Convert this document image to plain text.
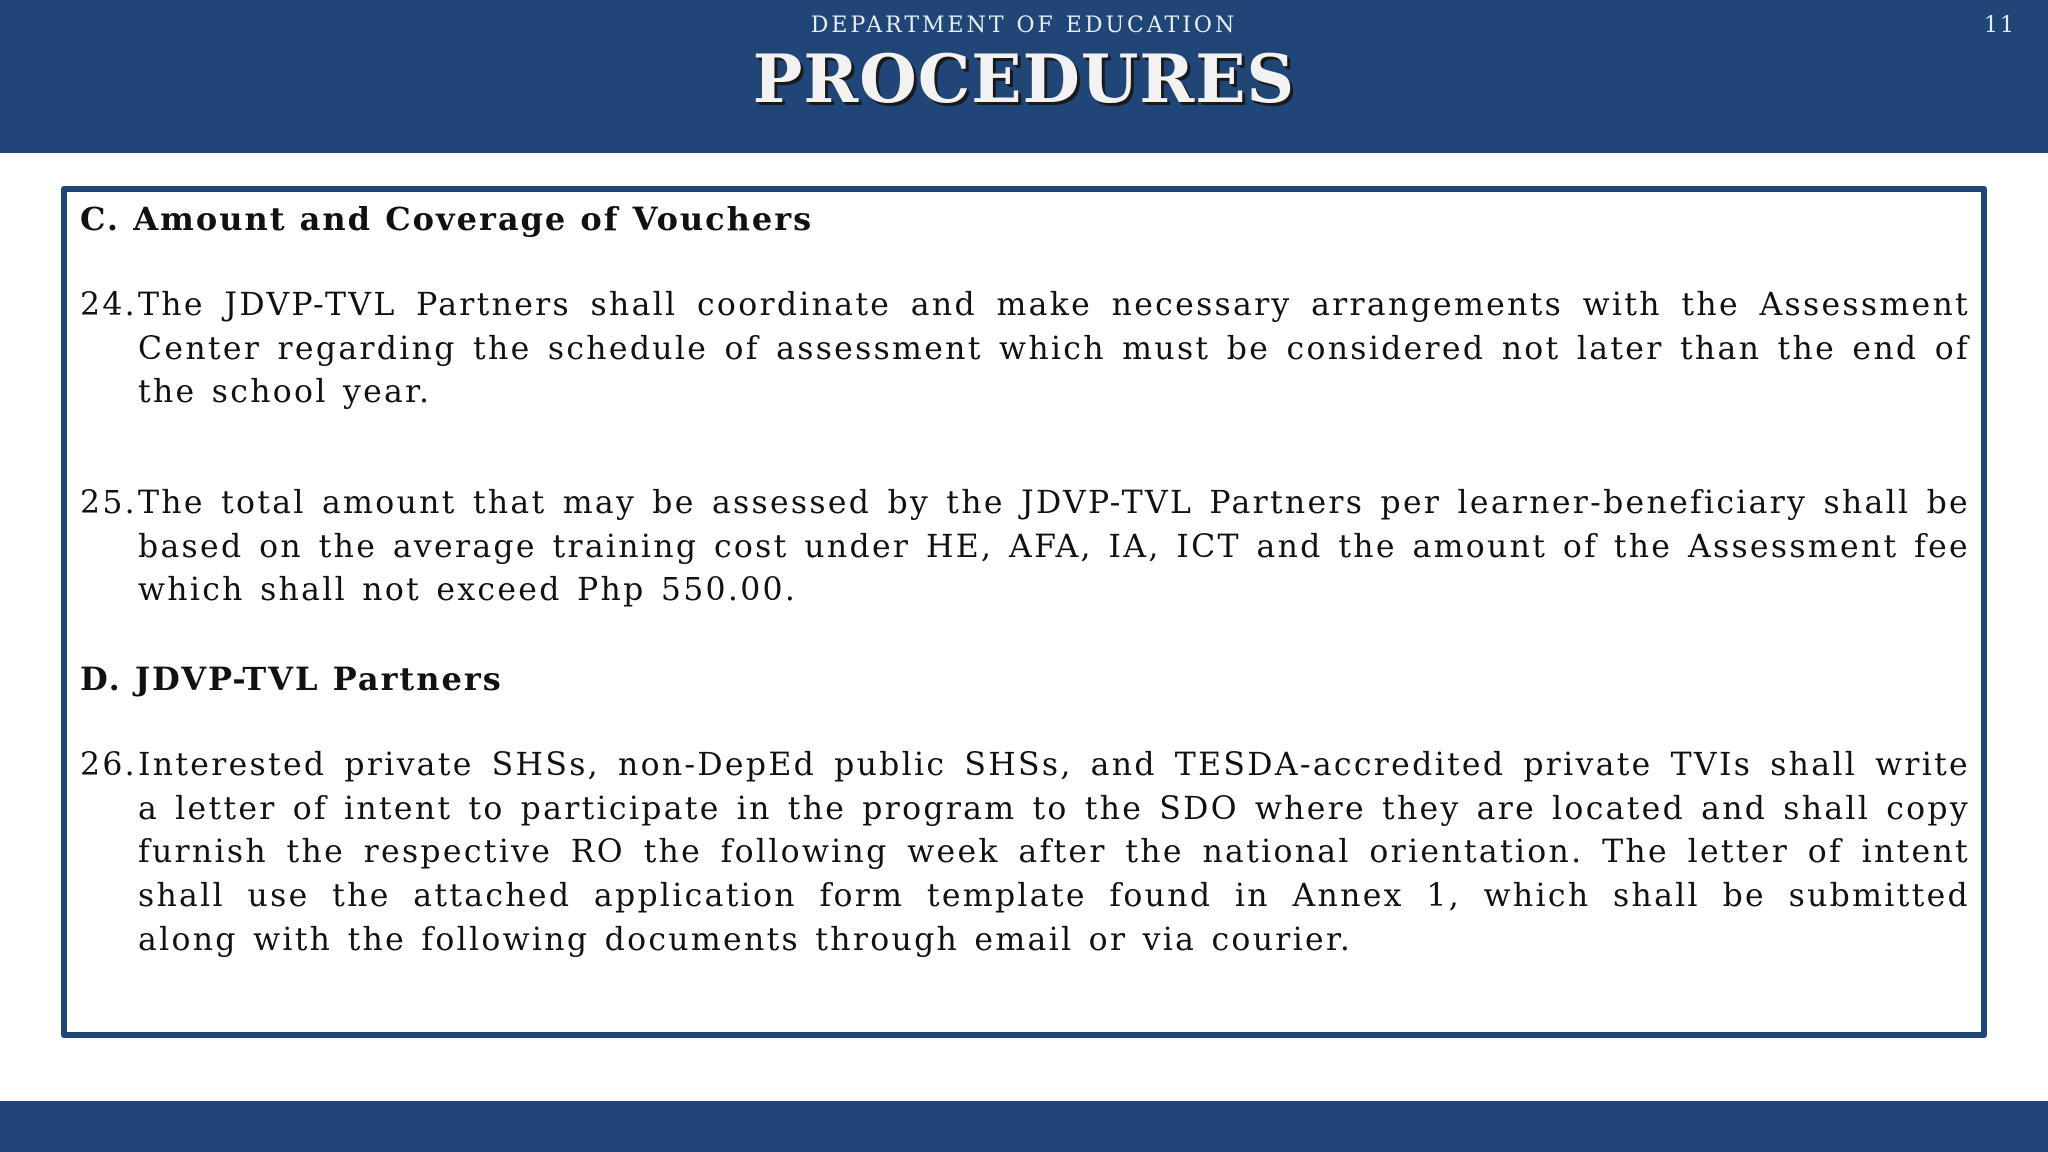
PROCEDURES
C. Amount and Coverage of Vouchers
24. The JDVP-TVL Partners shall coordinate and make necessary arrangements with the Assessment Center regarding the schedule of assessment which must be considered not later than the end of the school year.
25. The total amount that may be assessed by the JDVP-TVL Partners per learner-beneficiary shall be based on the average training cost under HE, AFA, IA, ICT and the amount of the Assessment fee which shall not exceed Php 550.00.
D. JDVP-TVL Partners
26. Interested private SHSs, non-DepEd public SHSs, and TESDA-accredited private TVIs shall write a letter of intent to participate in the program to the SDO where they are located and shall copy furnish the respective RO the following week after the national orientation. The letter of intent shall use the attached application form template found in Annex 1, which shall be submitted along with the following documents through email or via courier.
DEPARTMENT OF EDUCATION	11
